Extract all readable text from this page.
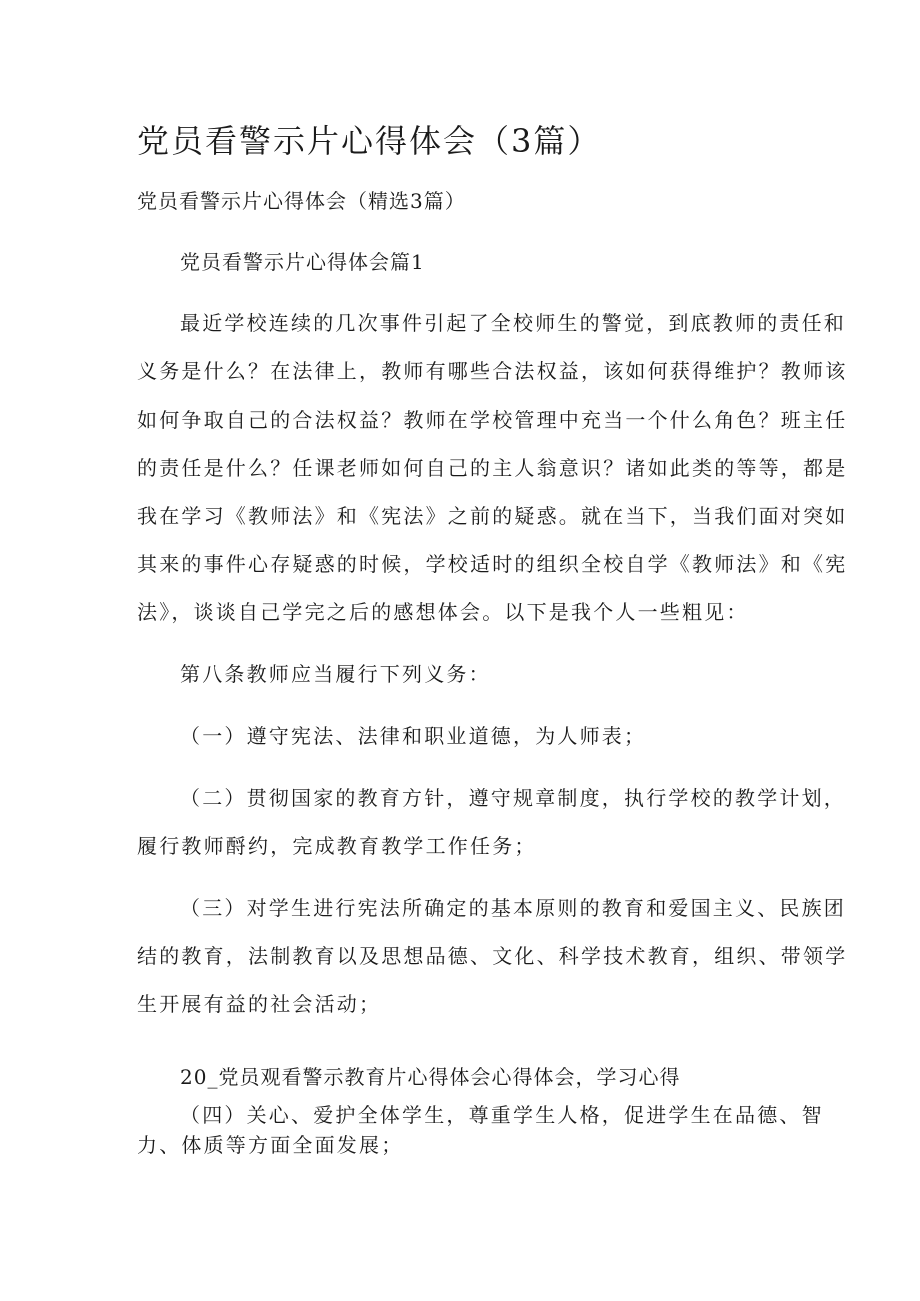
党员看警示片心得体会（3篇）
党员看警示片心得体会（精选3篇）
党员看警示片心得体会篇1
最近学校连续的几次事件引起了全校师生的警觉，到底教师的责任和
义务是什么？在法律上，教师有哪些合法权益，该如何获得维护？教师该
如何争取自己的合法权益？教师在学校管理中充当一个什么角色？班主任
的责任是什么？任课老师如何自己的主人翁意识？诸如此类的等等，都是
我在学习《教师法》和《宪法》之前的疑惑。就在当下，当我们面对突如
其来的事件心存疑惑的时候，学校适时的组织全校自学《教师法》和《宪
法》，谈谈自己学完之后的感想体会。以下是我个人一些粗见：
第八条教师应当履行下列义务：
（一）遵守宪法、法律和职业道德，为人师表；
（二）贯彻国家的教育方针，遵守规章制度，执行学校的教学计划，
履行教师酹约，完成教育教学工作任务；
（三）对学生进行宪法所确定的基本原则的教育和爱国主义、民族团
结的教育，法制教育以及思想品德、文化、科学技术教育，组织、带领学
生开展有益的社会活动；
20_党员观看警示教育片心得体会心得体会，学习心得
（四）关心、爱护全体学生，尊重学生人格，促进学生在品德、智
力、体质等方面全面发展；
